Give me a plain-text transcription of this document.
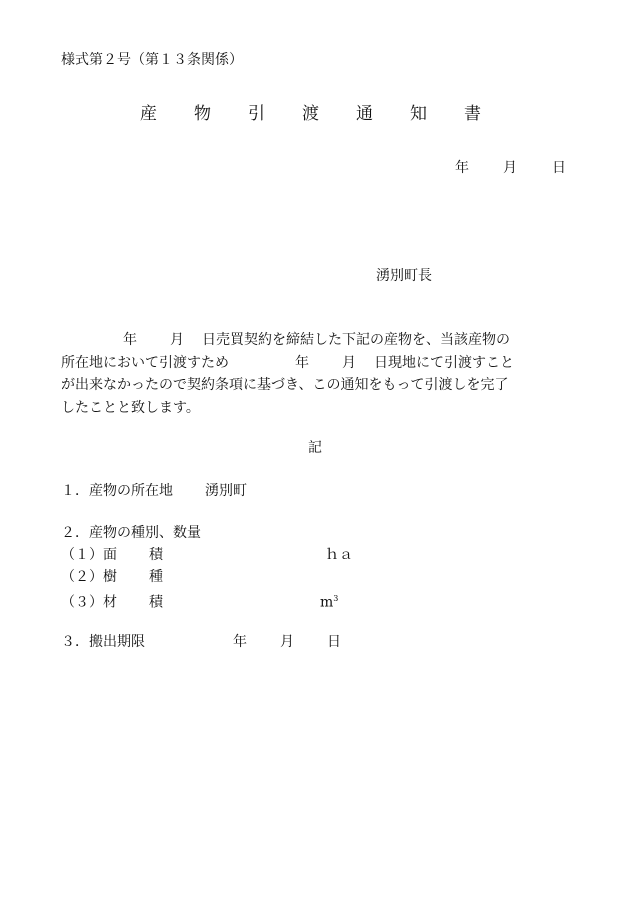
様式第２号（第１３条関係）
産 物 引 渡 通 知 書
年 月	日
湧別町長
年 月 日売買契約を締結した下記の産物を、当該産物の
所在地において引渡すため	年 月 日現地にて引渡すこと
が出来なかったので契約条項に基づき、この通知をもって引渡しを完了
したことと致します。
記
１．産物の所在地 湧別町
２．産物の種別、数量
（１）面 積	ｈａ
（２）樹 種
（３）材 積	$m^3$
３．搬出期限	年 月 日
